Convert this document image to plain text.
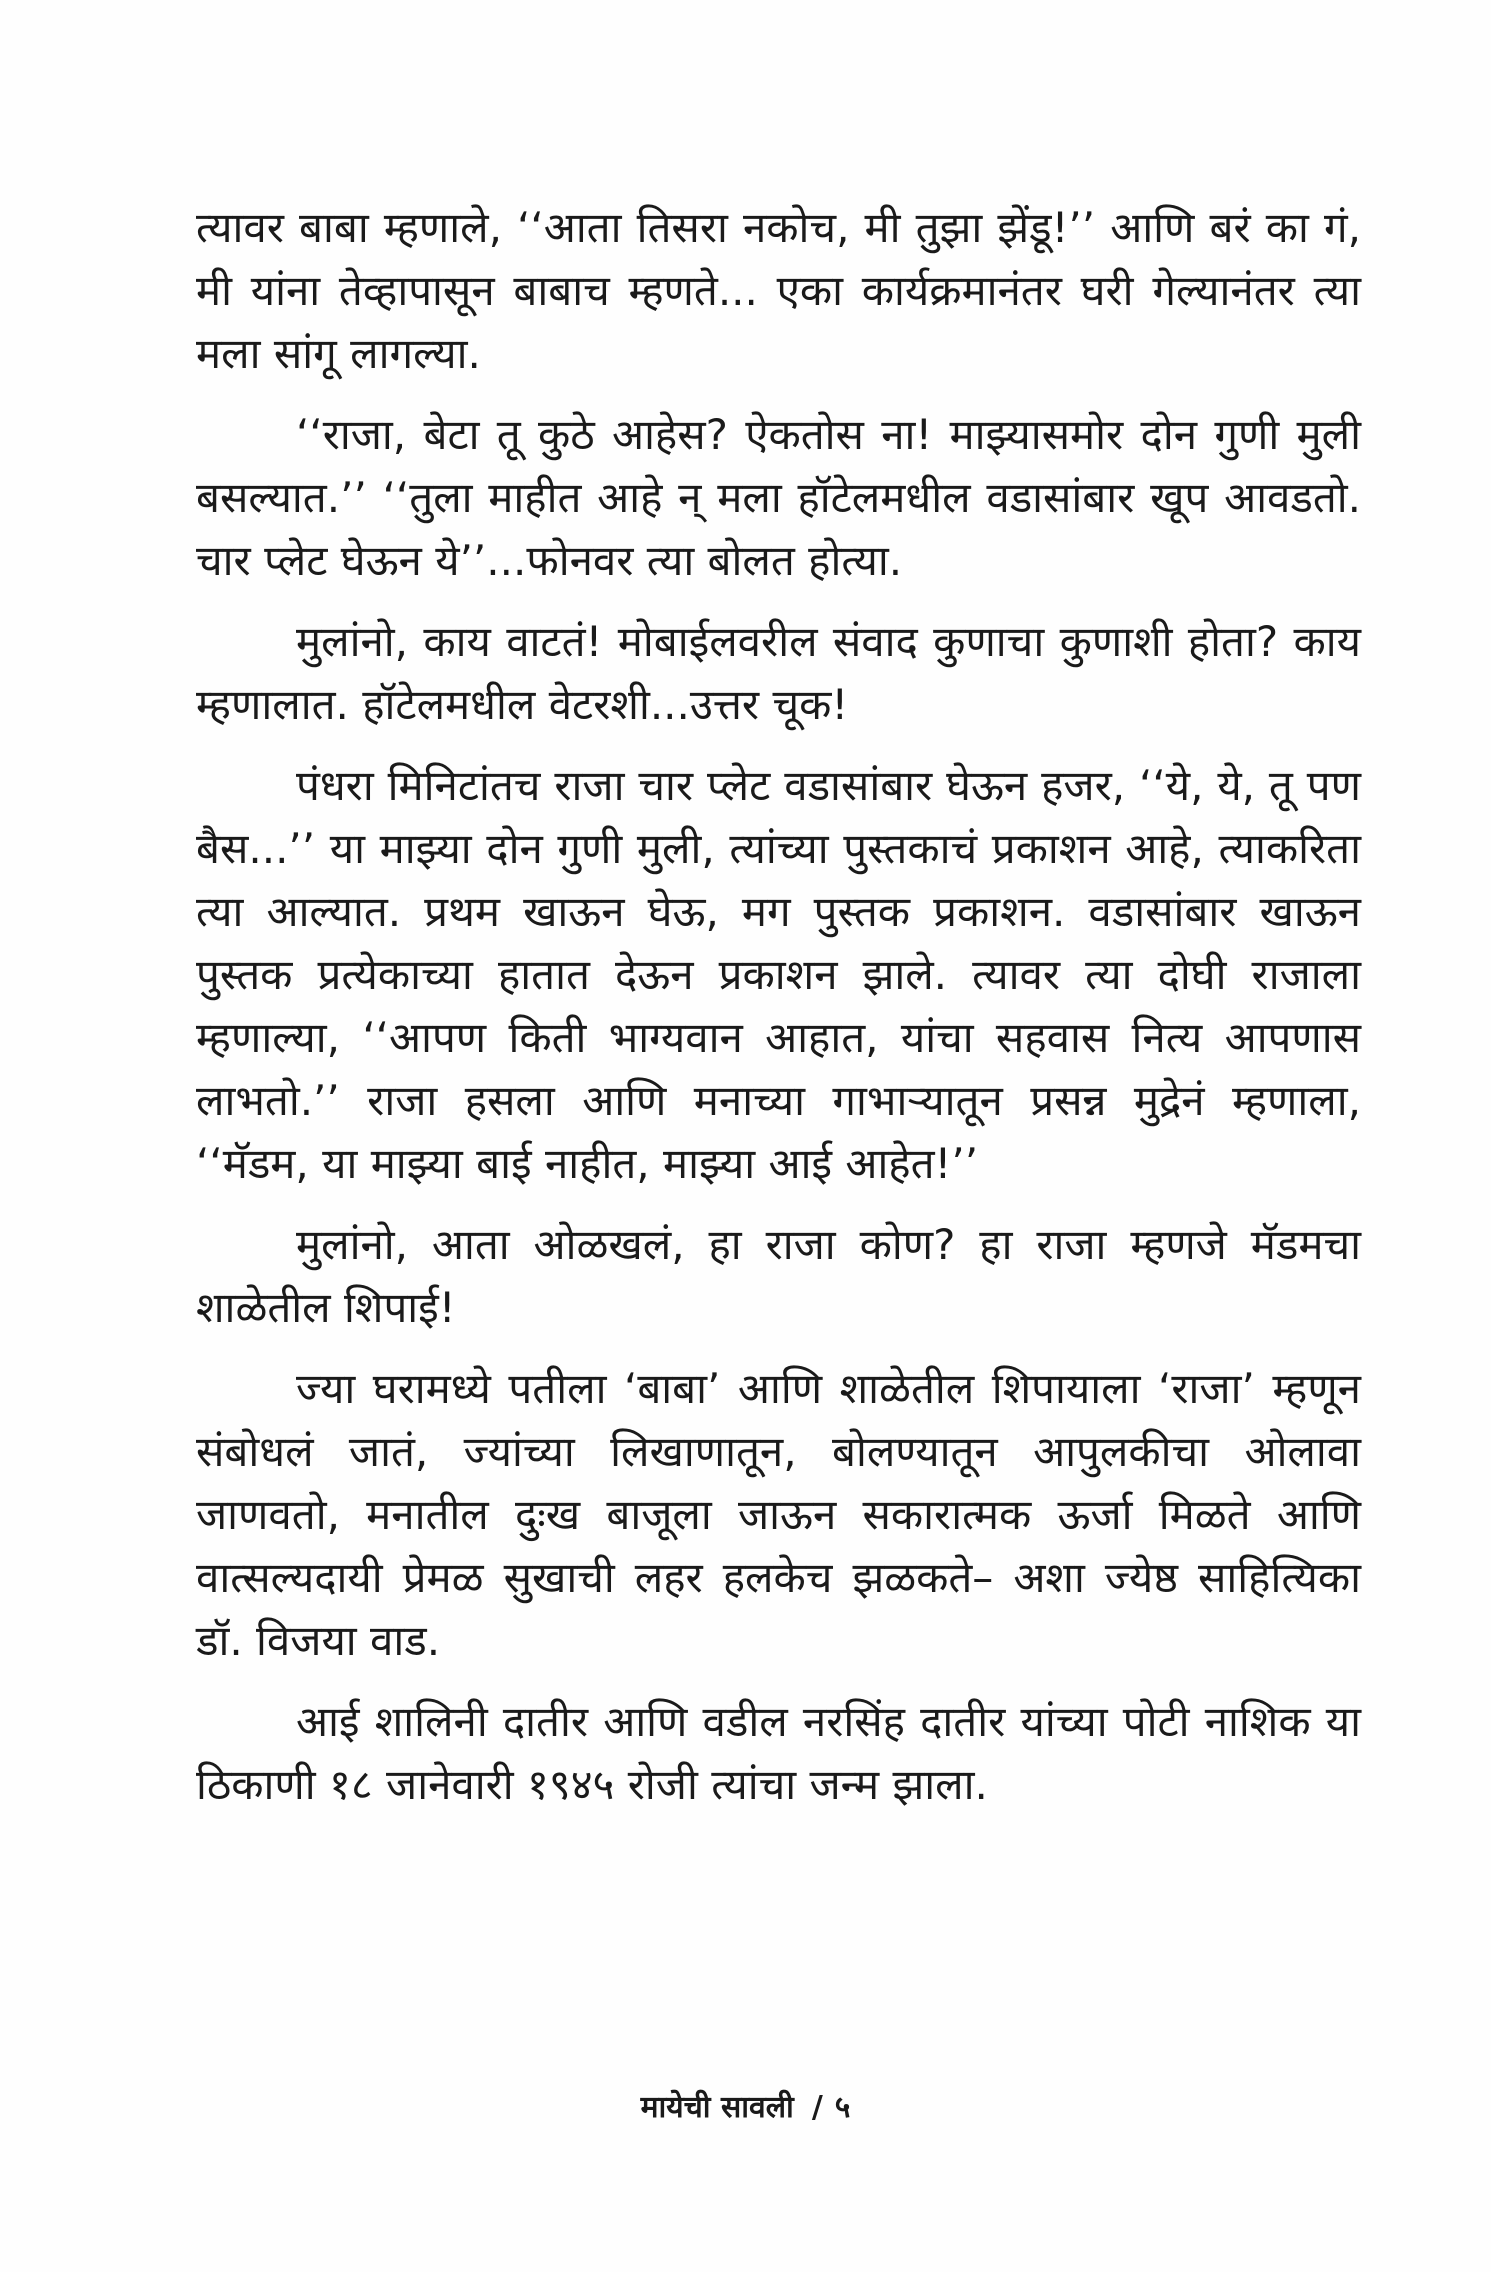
त्यावर बाबा म्हणाले, ‘‘आता तिसरा नकोच, मी तुझा झेंडू!’’ आणि बरं का गं, मी यांना तेव्हापासून बाबाच म्हणते... एका कार्यक्रमानंतर घरी गेल्यानंतर त्या मला सांगू लागल्या.

‘‘राजा, बेटा तू कुठे आहेस? ऐकतोस ना! माझ्यासमोर दोन गुणी मुली बसल्यात.’’ ‘‘तुला माहीत आहे न् मला हॉटेलमधील वडासांबार खूप आवडतो. चार प्लेट घेऊन ये’’...फोनवर त्या बोलत होत्या.

मुलांनो, काय वाटतं! मोबाईलवरील संवाद कुणाचा कुणाशी होता? काय म्हणालात. हॉटेलमधील वेटरशी...उत्तर चूक!

पंधरा मिनिटांतच राजा चार प्लेट वडासांबार घेऊन हजर, ‘‘ये, ये, तू पण बैस...’’ या माझ्या दोन गुणी मुली, त्यांच्या पुस्तकाचं प्रकाशन आहे, त्याकरिता त्या आल्यात. प्रथम खाऊन घेऊ, मग पुस्तक प्रकाशन. वडासांबार खाऊन पुस्तक प्रत्येकाच्या हातात देऊन प्रकाशन झाले. त्यावर त्या दोघी राजाला म्हणाल्या, ‘‘आपण किती भाग्यवान आहात, यांचा सहवास नित्य आपणास लाभतो.’’ राजा हसला आणि मनाच्या गाभाऱ्यातून प्रसन्न मुद्रेनं म्हणाला, ‘‘मॅडम, या माझ्या बाई नाहीत, माझ्या आई आहेत!’’

मुलांनो, आता ओळखलं, हा राजा कोण? हा राजा म्हणजे मॅडमचा शाळेतील शिपाई!

ज्या घरामध्ये पतीला ‘बाबा’ आणि शाळेतील शिपायाला ‘राजा’ म्हणून संबोधलं जातं, ज्यांच्या लिखाणातून, बोलण्यातून आपुलकीचा ओलावा जाणवतो, मनातील दुःख बाजूला जाऊन सकारात्मक ऊर्जा मिळते आणि वात्सल्यदायी प्रेमळ सुखाची लहर हलकेच झळकते– अशा ज्येष्ठ साहित्यिका डॉ. विजया वाड.

आई शालिनी दातीर आणि वडील नरसिंह दातीर यांच्या पोटी नाशिक या ठिकाणी १८ जानेवारी १९४५ रोजी त्यांचा जन्म झाला.

मायेची सावली / ५
